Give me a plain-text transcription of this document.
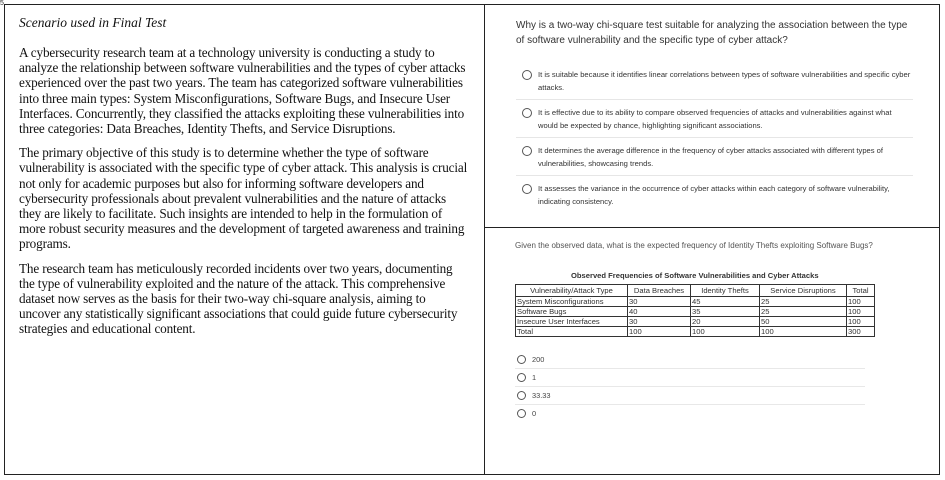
5
Scenario used in Final Test

A cybersecurity research team at a technology university is conducting a study to analyze the relationship between software vulnerabilities and the types of cyber attacks experienced over the past two years. The team has categorized software vulnerabilities into three main types: System Misconfigurations, Software Bugs, and Insecure User Interfaces. Concurrently, they classified the attacks exploiting these vulnerabilities into three categories: Data Breaches, Identity Thefts, and Service Disruptions.

The primary objective of this study is to determine whether the type of software vulnerability is associated with the specific type of cyber attack. This analysis is crucial not only for academic purposes but also for informing software developers and cybersecurity professionals about prevalent vulnerabilities and the nature of attacks they are likely to facilitate. Such insights are intended to help in the formulation of more robust security measures and the development of targeted awareness and training programs.

The research team has meticulously recorded incidents over two years, documenting the type of vulnerability exploited and the nature of the attack. This comprehensive dataset now serves as the basis for their two-way chi-square analysis, aiming to uncover any statistically significant associations that could guide future cybersecurity strategies and educational content.

Why is a two-way chi-square test suitable for analyzing the association between the type of software vulnerability and the specific type of cyber attack?
It is suitable because it identifies linear correlations between types of software vulnerabilities and specific cyber attacks.
It is effective due to its ability to compare observed frequencies of attacks and vulnerabilities against what would be expected by chance, highlighting significant associations.
It determines the average difference in the frequency of cyber attacks associated with different types of vulnerabilities, showcasing trends.
It assesses the variance in the occurrence of cyber attacks within each category of software vulnerability, indicating consistency.
Given the observed data, what is the expected frequency of Identity Thefts exploiting Software Bugs?
Observed Frequencies of Software Vulnerabilities and Cyber Attacks
Vulnerability/Attack Type	Data Breaches	Identity Thefts	Service Disruptions	Total
System Misconfigurations	30	45	25	100
Software Bugs	40	35	25	100
Insecure User Interfaces	30	20	50	100
Total	100	100	100	300
200
1
33.33
0
